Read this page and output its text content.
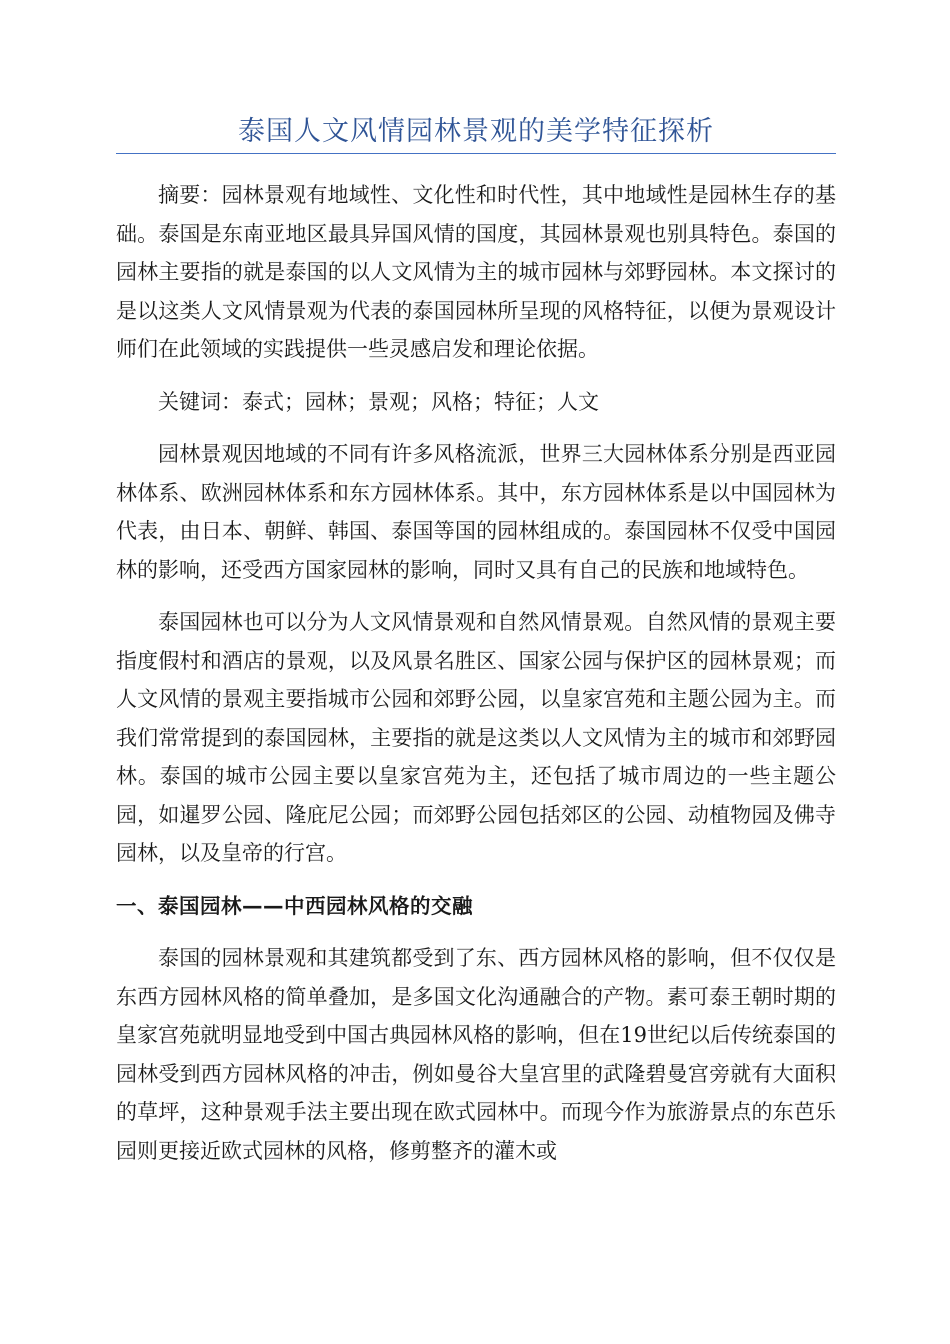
泰国人文风情园林景观的美学特征探析

摘要：园林景观有地域性、文化性和时代性，其中地域性是园林生存的基础。泰国是东南亚地区最具异国风情的国度，其园林景观也别具特色。泰国的园林主要指的就是泰国的以人文风情为主的城市园林与郊野园林。本文探讨的是以这类人文风情景观为代表的泰国园林所呈现的风格特征，以便为景观设计师们在此领域的实践提供一些灵感启发和理论依据。

关键词：泰式；园林；景观；风格；特征；人文

园林景观因地域的不同有许多风格流派，世界三大园林体系分别是西亚园林体系、欧洲园林体系和东方园林体系。其中，东方园林体系是以中国园林为代表，由日本、朝鲜、韩国、泰国等国的园林组成的。泰国园林不仅受中国园林的影响，还受西方国家园林的影响，同时又具有自己的民族和地域特色。

泰国园林也可以分为人文风情景观和自然风情景观。自然风情的景观主要指度假村和酒店的景观，以及风景名胜区、国家公园与保护区的园林景观；而人文风情的景观主要指城市公园和郊野公园，以皇家宫苑和主题公园为主。而我们常常提到的泰国园林，主要指的就是这类以人文风情为主的城市和郊野园林。泰国的城市公园主要以皇家宫苑为主，还包括了城市周边的一些主题公园，如暹罗公园、隆庇尼公园；而郊野公园包括郊区的公园、动植物园及佛寺园林，以及皇帝的行宫。

一、泰国园林——中西园林风格的交融

泰国的园林景观和其建筑都受到了东、西方园林风格的影响，但不仅仅是东西方园林风格的简单叠加，是多国文化沟通融合的产物。素可泰王朝时期的皇家宫苑就明显地受到中国古典园林风格的影响，但在19世纪以后传统泰国的园林受到西方园林风格的冲击，例如曼谷大皇宫里的武隆碧曼宫旁就有大面积的草坪，这种景观手法主要出现在欧式园林中。而现今作为旅游景点的东芭乐园则更接近欧式园林的风格，修剪整齐的灌木或
